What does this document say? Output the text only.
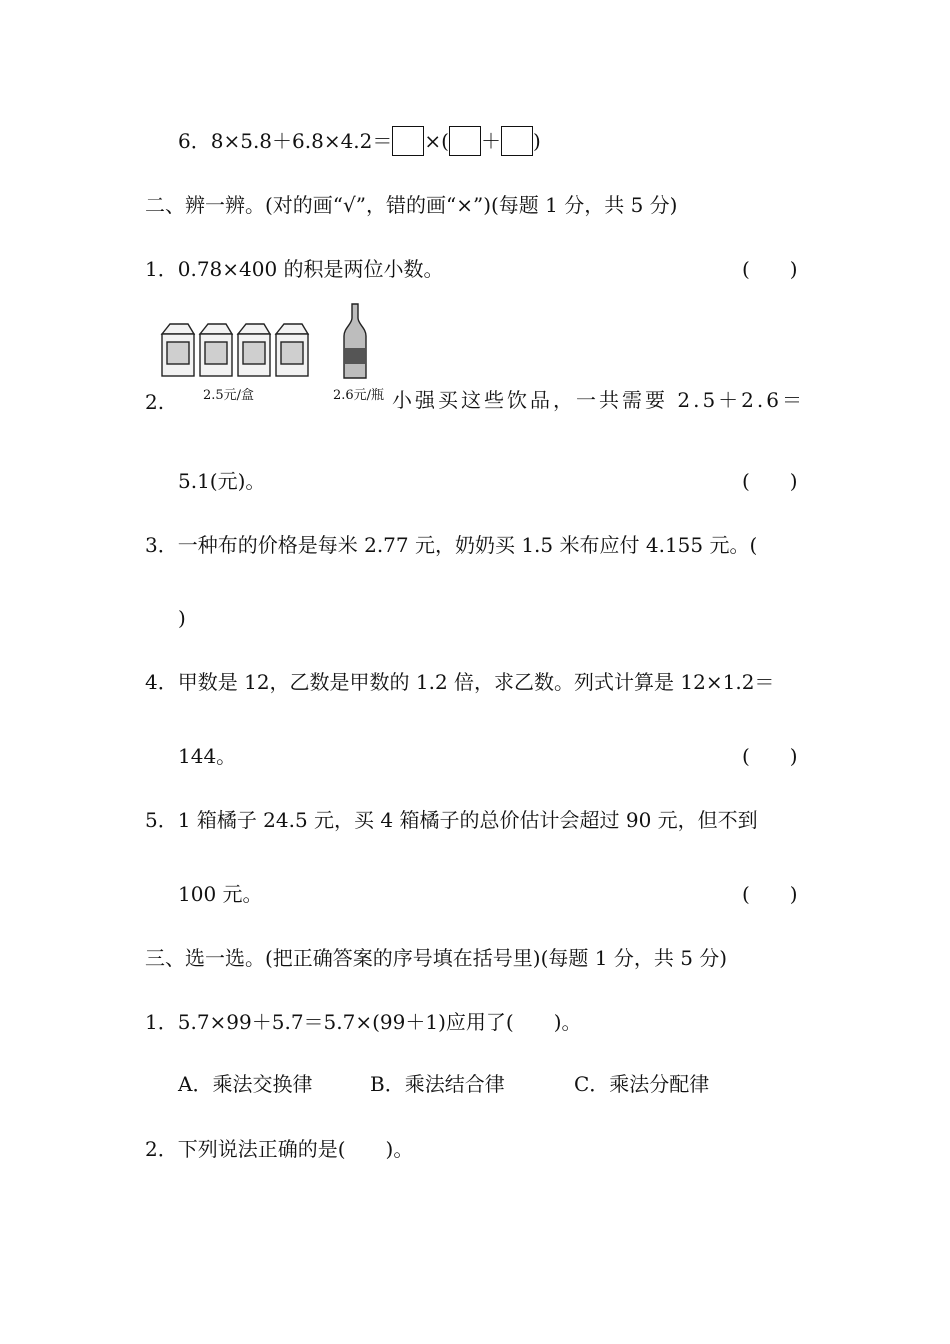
6．8×5.8＋6.8×4.2＝ ×( ＋ )
二、辨一辨。(对的画“√”，错的画“×”)(每题 1 分，共 5 分)
1．0.78×400 的积是两位小数。	(　　)
2.5元/盒	2.6元/瓶
2.	小强买这些饮品，一共需要 2.5＋2.6＝
5.1(元)。	(　　)
3．一种布的价格是每米 2.77 元，奶奶买 1.5 米布应付 4.155 元。(
)
4．甲数是 12，乙数是甲数的 1.2 倍，求乙数。列式计算是 12×1.2＝
144。	(　　)
5．1 箱橘子 24.5 元，买 4 箱橘子的总价估计会超过 90 元，但不到
100 元。	(　　)
三、选一选。(把正确答案的序号填在括号里)(每题 1 分，共 5 分)
1．5.7×99＋5.7＝5.7×(99＋1)应用了(　　)。
A．乘法交换律	B．乘法结合律	C．乘法分配律
2．下列说法正确的是(　　)。
